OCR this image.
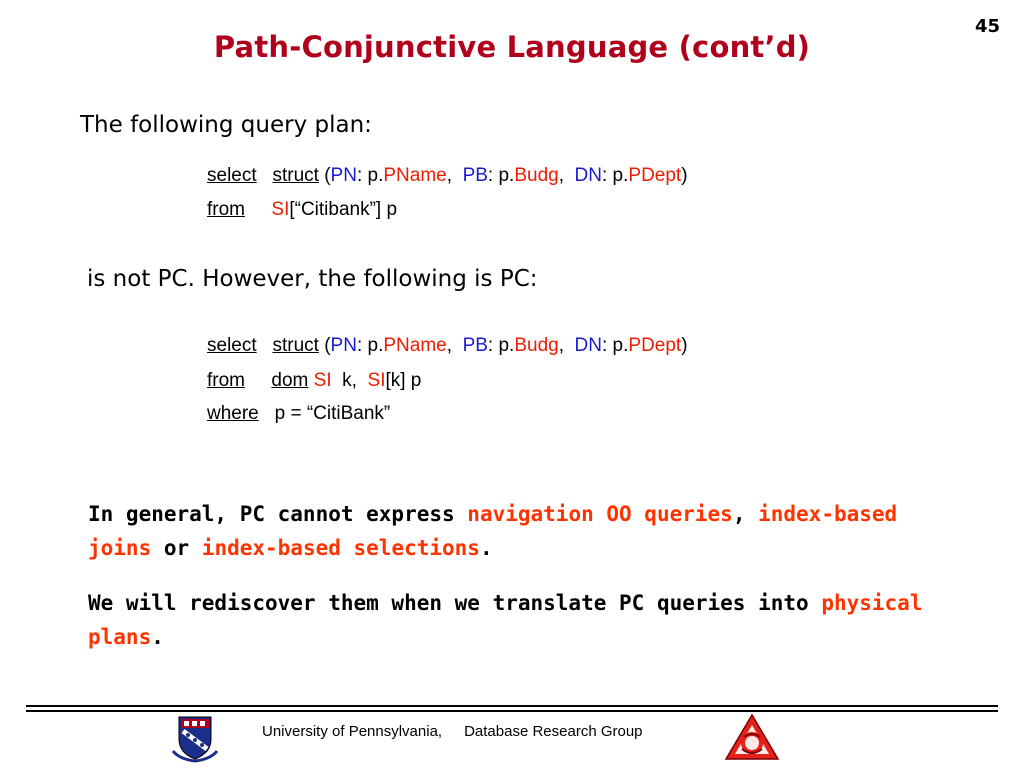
45
Path-Conjunctive Language (cont’d)
The following query plan:
select struct (PN: p.PName, PB: p.Budg, DN: p.PDept)
from SI[“Citibank”] p
is not PC. However, the following is PC:
select struct (PN: p.PName, PB: p.Budg, DN: p.PDept)
from dom SI k, SI[k] p
where p = “CitiBank”
In general, PC cannot express navigation OO queries, index-based joins or index-based selections.
We will rediscover them when we translate PC queries into physical plans.
University of Pennsylvania, Database Research Group
